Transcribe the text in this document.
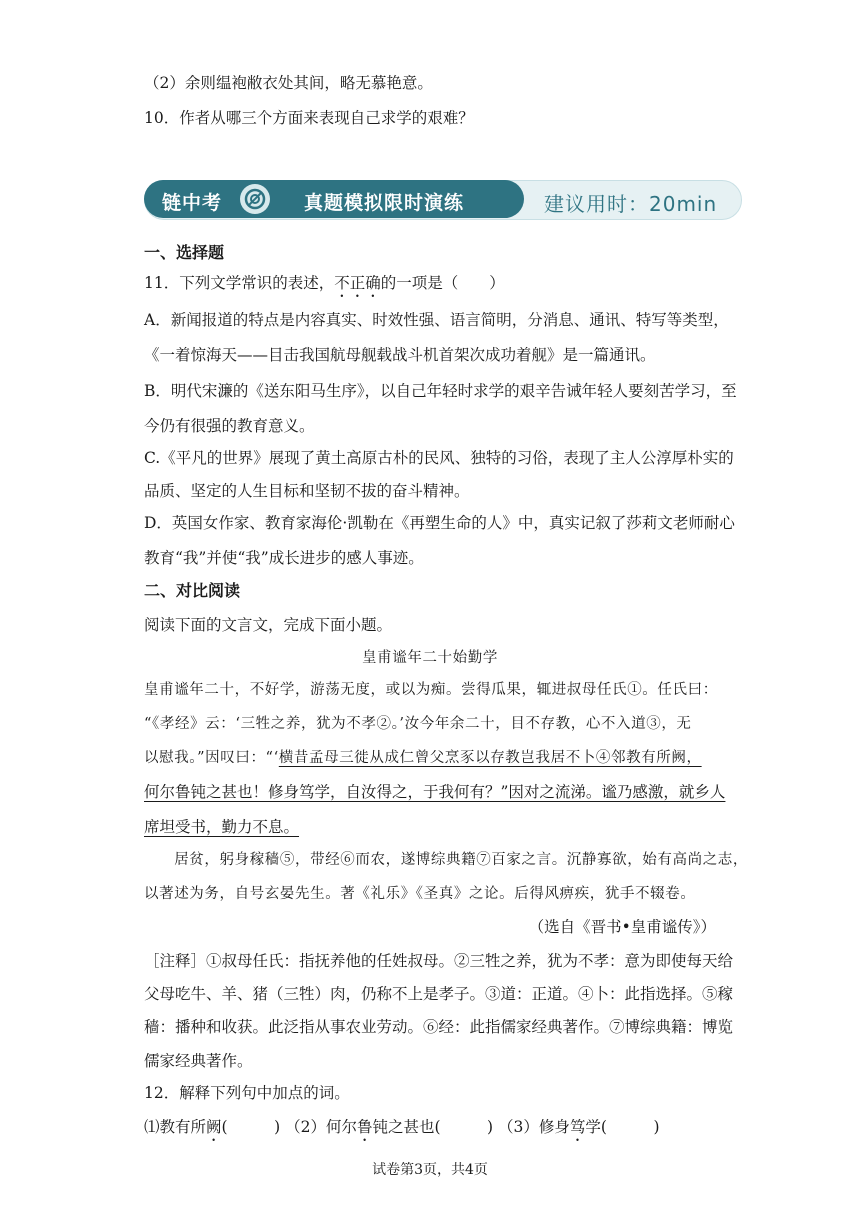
（2）余则缊袍敝衣处其间，略无慕艳意。
10．作者从哪三个方面来表现自己求学的艰难？
链中考	真题模拟限时演练	建议用时：20min
一、选择题
11．下列文学常识的表述，不正确的一项是（　　）
A．新闻报道的特点是内容真实、时效性强、语言简明，分消息、通讯、特写等类型，
《一着惊海天——目击我国航母舰载战斗机首架次成功着舰》是一篇通讯。
B．明代宋濂的《送东阳马生序》，以自己年轻时求学的艰辛告诫年轻人要刻苦学习，至
今仍有很强的教育意义。
C.《平凡的世界》展现了黄土高原古朴的民风、独特的习俗，表现了主人公淳厚朴实的
品质、坚定的人生目标和坚韧不拔的奋斗精神。
D．英国女作家、教育家海伦·凯勒在《再塑生命的人》中，真实记叙了莎莉文老师耐心
教育“我”并使“我”成长进步的感人事迹。
二、对比阅读
阅读下面的文言文，完成下面小题。
皇甫谧年二十始勤学
皇甫谧年二十，不好学，游荡无度，或以为痴。尝得瓜果，辄进叔母任氏①。任氏曰：
“《孝经》云：‘三牲之养，犹为不孝②。’汝今年余二十，目不存教，心不入道③，无
以慰我。”因叹曰：“‘横昔孟母三徙从成仁曾父烹豕以存教岂我居不卜④邻教有所阙，
何尔鲁钝之甚也！修身笃学，自汝得之，于我何有？”因对之流涕。谧乃感激，就乡人
席坦受书，勤力不息。
　　居贫，躬身稼穑⑤，带经⑥而农，遂博综典籍⑦百家之言。沉静寡欲，始有高尚之志，
以著述为务，自号玄晏先生。著《礼乐》《圣真》之论。后得风痹疾，犹手不辍卷。
（选自《晋书•皇甫谧传》）
［注释］①叔母任氏：指抚养他的任姓叔母。②三牲之养，犹为不孝：意为即使每天给
父母吃牛、羊、猪（三牲）肉，仍称不上是孝子。③道：正道。④卜：此指选择。⑤稼
穑：播种和收获。此泛指从事农业劳动。⑥经：此指儒家经典著作。⑦博综典籍：博览
儒家经典著作。
12．解释下列句中加点的词。
⑴教有所阙(　　　) （2）何尔鲁钝之甚也(　　　) （3）修身笃学(　　　)
试卷第3页，共4页
